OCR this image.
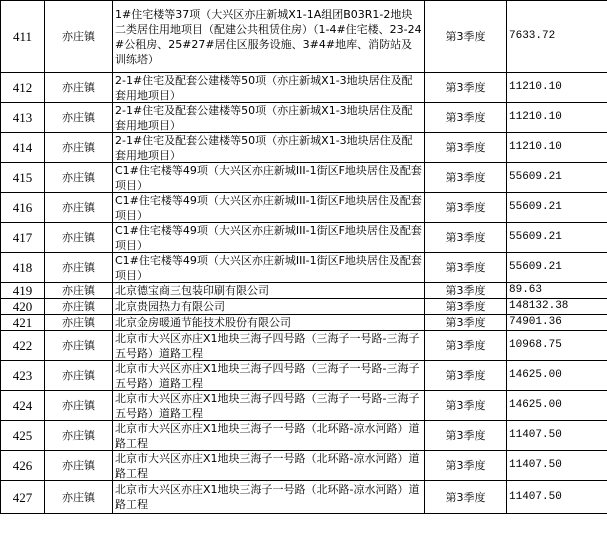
411	亦庄镇	1#住宅楼等37项（大兴区亦庄新城X1-1A组团B03R1-2地块二类居住用地项目（配建公共租赁住房）（1-4#住宅楼、23-24#公租房、25#27#居住区服务设施、3#4#地库、消防站及训练塔）	第3季度	7633.72

412	亦庄镇	2-1#住宅及配套公建楼等50项（亦庄新城X1-3地块居住及配套用地项目）	第3季度	11210.10

413	亦庄镇	2-1#住宅及配套公建楼等50项（亦庄新城X1-3地块居住及配套用地项目）	第3季度	11210.10

414	亦庄镇	2-1#住宅及配套公建楼等50项（亦庄新城X1-3地块居住及配套用地项目）	第3季度	11210.10

415	亦庄镇	C1#住宅楼等49项（大兴区亦庄新城III-1街区F地块居住及配套项目）	第3季度	55609.21

416	亦庄镇	C1#住宅楼等49项（大兴区亦庄新城III-1街区F地块居住及配套项目）	第3季度	55609.21

417	亦庄镇	C1#住宅楼等49项（大兴区亦庄新城III-1街区F地块居住及配套项目）	第3季度	55609.21

418	亦庄镇	C1#住宅楼等49项（大兴区亦庄新城III-1街区F地块居住及配套项目）	第3季度	55609.21

419	亦庄镇	北京德宝商三包装印刷有限公司	第3季度	89.63

420	亦庄镇	北京贵园热力有限公司	第3季度	148132.38

421	亦庄镇	北京金房暖通节能技术股份有限公司	第3季度	74901.36

422	亦庄镇	北京市大兴区亦庄X1地块三海子四号路（三海子一号路-三海子五号路）道路工程	第3季度	10968.75

423	亦庄镇	北京市大兴区亦庄X1地块三海子四号路（三海子一号路-三海子五号路）道路工程	第3季度	14625.00

424	亦庄镇	北京市大兴区亦庄X1地块三海子四号路（三海子一号路-三海子五号路）道路工程	第3季度	14625.00

425	亦庄镇	北京市大兴区亦庄X1地块三海子一号路（北环路-凉水河路）道路工程	第3季度	11407.50

426	亦庄镇	北京市大兴区亦庄X1地块三海子一号路（北环路-凉水河路）道路工程	第3季度	11407.50

427	亦庄镇	北京市大兴区亦庄X1地块三海子一号路（北环路-凉水河路）道路工程	第3季度	11407.50
